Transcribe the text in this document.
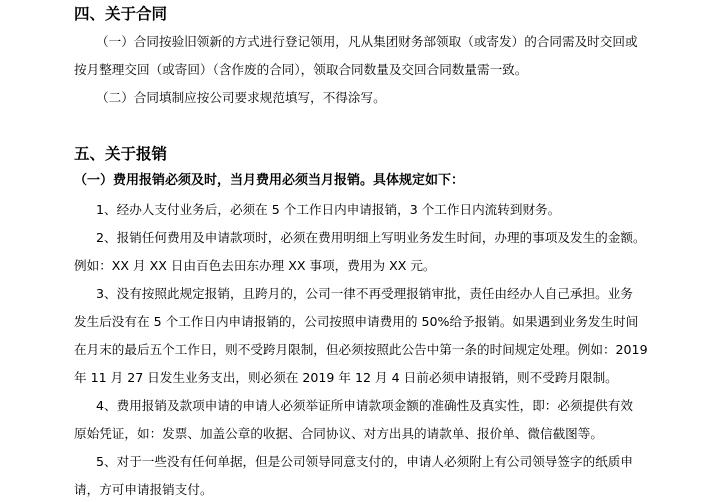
四、关于合同
（一）合同按验旧领新的方式进行登记领用，凡从集团财务部领取（或寄发）的合同需及时交回或
按月整理交回（或寄回）（含作废的合同），领取合同数量及交回合同数量需一致。
（二）合同填制应按公司要求规范填写，不得涂写。
五、关于报销
（一）费用报销必须及时，当月费用必须当月报销。具体规定如下：
1、经办人支付业务后，必须在 5 个工作日内申请报销，3 个工作日内流转到财务。
2、报销任何费用及申请款项时，必须在费用明细上写明业务发生时间，办理的事项及发生的金额。
例如：XX 月 XX 日由百色去田东办理 XX 事项，费用为 XX 元。
3、没有按照此规定报销，且跨月的，公司一律不再受理报销审批，责任由经办人自己承担。业务
发生后没有在 5 个工作日内申请报销的，公司按照申请费用的 50%给予报销。如果遇到业务发生时间
在月末的最后五个工作日，则不受跨月限制，但必须按照此公告中第一条的时间规定处理。例如：2019
年 11 月 27 日发生业务支出，则必须在 2019 年 12 月 4 日前必须申请报销，则不受跨月限制。
4、费用报销及款项申请的申请人必须举证所申请款项金额的准确性及真实性，即：必须提供有效
原始凭证，如：发票、加盖公章的收据、合同协议、对方出具的请款单、报价单、微信截图等。
5、对于一些没有任何单据，但是公司领导同意支付的，申请人必须附上有公司领导签字的纸质申
请，方可申请报销支付。
